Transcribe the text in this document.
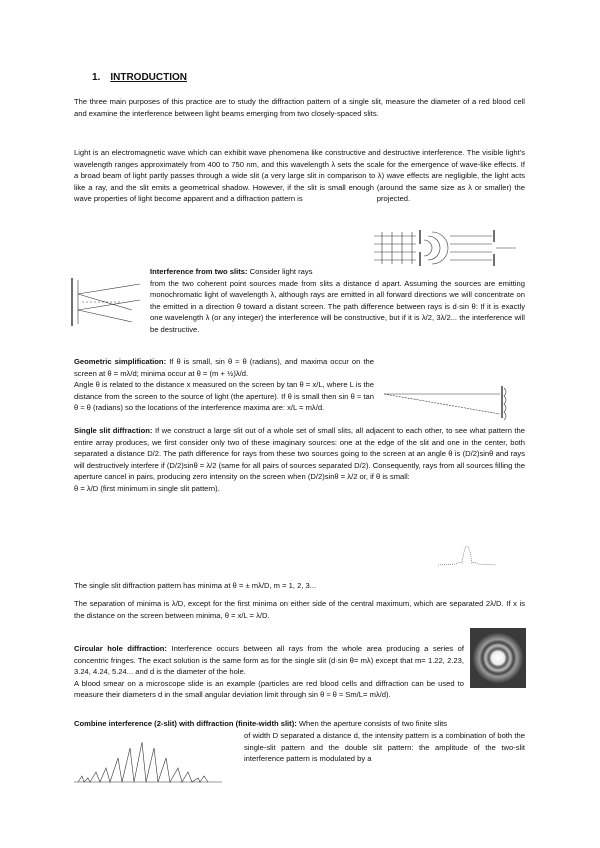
1. INTRODUCTION

The three main purposes of this practice are to study the diffraction pattern of a single slit, measure the diameter of a red blood cell and examine the interference between light beams emerging from two closely-spaced slits.

Light is an electromagnetic wave which can exhibit wave phenomena like constructive and destructive interference. The visible light's wavelength ranges approximately from 400 to 750 nm, and this wavelength λ sets the scale for the emergence of wave-like effects. If a broad beam of light partly passes through a wide slit (a very large slit in comparison to λ) wave effects are negligible, the light acts like a ray, and the slit emits a geometrical shadow. However, if the slit is small enough (around the same size as λ or smaller) the wave properties of light become apparent and a diffraction pattern is	projected.

Interference from two slits: Consider light rays
from the two coherent point sources made from slits a distance d apart. Assuming the sources are emitting monochromatic light of wavelength λ, although rays are emitted in all forward directions we will concentrate on the emitted in a direction θ toward a distant screen. The path difference between rays is d·sin θ: If it is exactly one wavelength λ (or any integer) the interference will be constructive, but if it is λ/2, 3λ/2... the interference will be destructive.

Geometric simplification: If θ is small, sin θ ≈ θ (radians), and maxima occur on the screen at θ = mλ/d; minima occur at θ = (m + ½)λ/d.
Angle θ is related to the distance x measured on the screen by tan θ = x/L, where L is the distance from the screen to the source of light (the aperture). If θ is small then sin θ ≈ tan θ ≈ θ (radians) so the locations of the interference maxima are: x/L = mλ/d.

Single slit diffraction: If we construct a large slit out of a whole set of small slits, all adjacent to each other, to see what pattern the entire array produces, we first consider only two of these imaginary sources: one at the edge of the slit and one in the center, both separated a distance D/2. The path difference for rays from these two sources going to the screen at an angle θ is (D/2)sinθ and rays will destructively interfere if (D/2)sinθ = λ/2 (same for all pairs of sources separated D/2). Consequently, rays from all sources filling the aperture cancel in pairs, producing zero intensity on the screen when (D/2)sinθ = λ/2 or, if θ is small:
θ = λ/D (first minimum in single slit pattern).

The single slit diffraction pattern has minima at θ = ± mλ/D, m = 1, 2, 3...

The separation of minima is λ/D, except for the first minima on either side of the central maximum, which are separated 2λ/D. If x is the distance on the screen between minima, θ = x/L = λ/D.

Circular hole diffraction: Interference occurs between all rays from the whole area producing a series of concentric fringes. The exact solution is the same form as for the single slit (d·sin θ= mλ) except that m= 1.22, 2.23, 3.24, 4.24, 5.24... and d is the diameter of the hole.
A blood smear on a microscope slide is an example (particles are red blood cells and diffraction can be used to measure their diameters d in the small angular deviation limit through sin θ ≈ θ ≈ Sm/L= mλ/d).

Combine interference (2-slit) with diffraction (finite-width slit): When the aperture consists of two finite slits

of width D separated a distance d, the intensity pattern is a combination of both the single-slit pattern and the double slit pattern: the amplitude of the two-slit interference pattern is modulated by a
